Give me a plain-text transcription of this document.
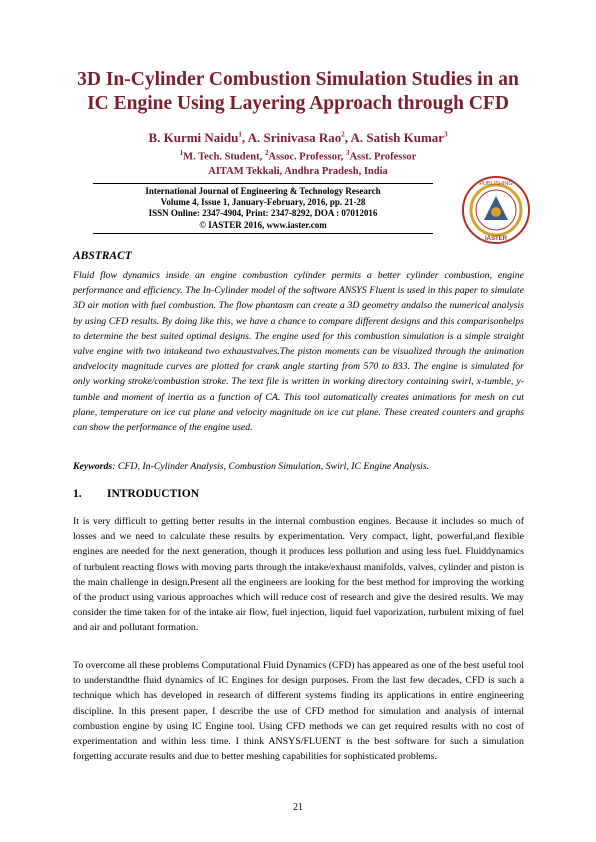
3D In-Cylinder Combustion Simulation Studies in an
IC Engine Using Layering Approach through CFD
B. Kurmi Naidu$^1$, A. Srinivasa Rao$^2$, A. Satish Kumar$^3$
$^1$M. Tech. Student, $^2$Assoc. Professor, $^3$Asst. Professor
AITAM Tekkali, Andhra Pradesh, India
International Journal of Engineering & Technology Research
Volume 4, Issue 1, January-February, 2016, pp. 21-28
ISSN Online: 2347-4904, Print: 2347-8292, DOA : 07012016
© IASTER 2016, www.iaster.com
PUBLISHING
IASTER
ABSTRACT
Fluid flow dynamics inside an engine combustion cylinder permits a better cylinder combustion, engine performance and efficiency. The In-Cylinder model of the software ANSYS Fluent is used in this paper to simulate 3D air motion with fuel combustion. The flow phantasm can create a 3D geometry andalso the numerical analysis by using CFD results. By doing like this, we have a chance to compare different designs and this comparisonhelps to determine the best suited optimal designs. The engine used for this combustion simulation is a simple straight valve engine with two intakeand two exhaustvalves.The piston moments can be visualized through the animation andvelocity magnitude curves are plotted for crank angle starting from 570 to 833. The engine is simulated for only working stroke/combustion stroke. The text file is written in working directory containing swirl, x-tumble, y-tumble and moment of inertia as a function of CA. This tool automatically creates animations for mesh on cut plane, temperature on ice cut plane and velocity magnitude on ice cut plane. These created counters and graphs can show the performance of the engine used.
Keywords: CFD, In-Cylinder Analysis, Combustion Simulation, Swirl, IC Engine Analysis.
1. INTRODUCTION
It is very difficult to getting better results in the internal combustion engines. Because it includes so much of losses and we need to calculate these results by experimentation. Very compact, light, powerful,and flexible engines are needed for the next generation, though it produces less pollution and using less fuel. Fluiddynamics of turbulent reacting flows with moving parts through the intake/exhaust manifolds, valves, cylinder and piston is the main challenge in design.Present all the engineers are looking for the best method for improving the working of the product using various approaches which will reduce cost of research and give the desired results. We may consider the time taken for of the intake air flow, fuel injection, liquid fuel vaporization, turbulent mixing of fuel and air and pollutant formation.
To overcome all these problems Computational Fluid Dynamics (CFD) has appeared as one of the best useful tool to understandthe fluid dynamics of IC Engines for design purposes. From the last few decades, CFD is such a technique which has developed in research of different systems finding its applications in entire engineering discipline. In this present paper, I describe the use of CFD method for simulation and analysis of internal combustion engine by using IC Engine tool. Using CFD methods we can get required results with no cost of experimentation and within less time. I think ANSYS/FLUENT is the best software for such a simulation forgetting accurate results and due to better meshing capabilities for sophisticated problems.
21
